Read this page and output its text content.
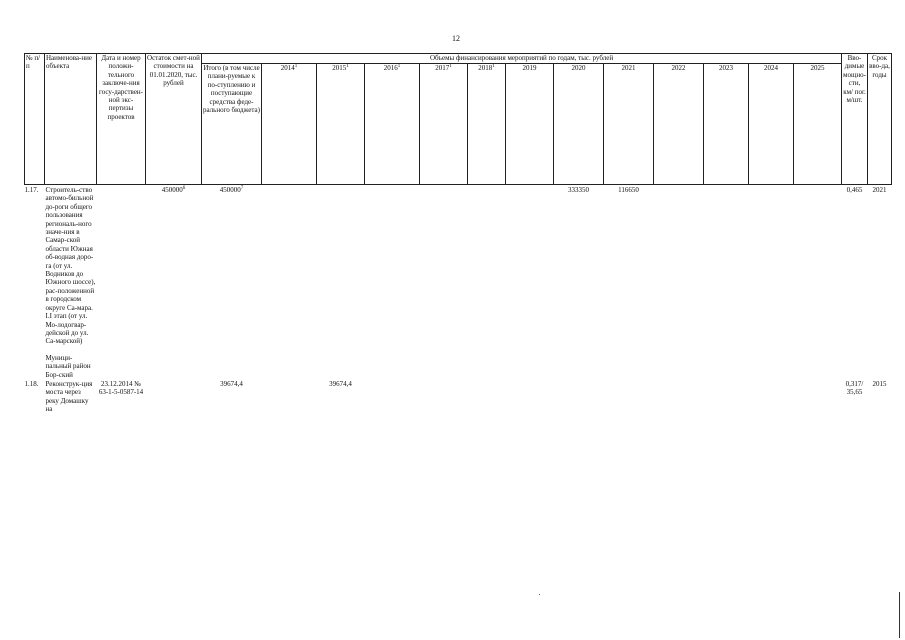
12
№ п/п	Наименова-ние объекта	Дата и номер положи-тельного заключе-ния госу-дарствен-ной экс-пертизы проектов	Остаток смет-ной стоимости на 01.01.2020, тыс. рублей	Объемы финансирования мероприятий по годам, тыс. рублей													Вво-димые мощно-сти, км/ пог. м/шт.	Срок вво-да, годы
				Итого (в том числе плани-руемые к по-ступлению и поступающие средства феде-рального бюджета)	2014$^1$	2015$^1$	2016$^1$	2017$^1$	2018$^1$	2019	2020	2021	2022	2023	2024	2025		
1.17.	Строитель-ство автомо-бильной до-роги общего пользования региональ-ного значе-ния в Самар-ской области Южная об-водная доро-га (от ул. Водников до Южного шоссе), рас-положенной в городском округе Са-мара. I.I этап (от ул. Мо-лодогвар-дейской до ул. Са-марской)		450000$^6$	450000$^7$							333350	116650					0,465	2021
	Муници-пальный район Бор-ский																	
1.18.	Реконструк-ция моста через реку Домашку на	23.12.2014 № 63-1-5-0587-14		39674,4		39674,4											0,317/ 35,65	2015
